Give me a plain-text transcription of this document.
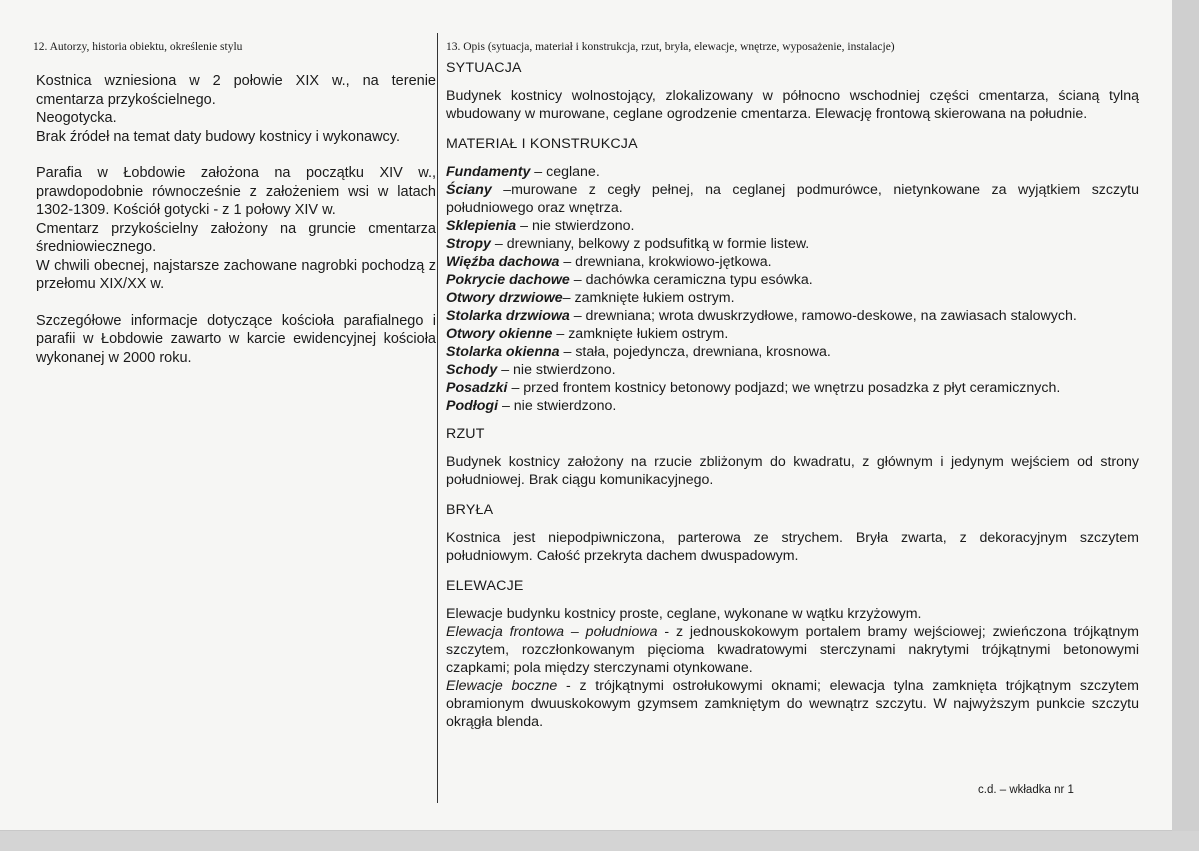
12. Autorzy, historia obiektu, określenie stylu

Kostnica wzniesiona w 2 połowie XIX w., na terenie cmentarza przykościelnego.

Neogotycka.

Brak źródeł na temat daty budowy kostnicy i wykonawcy.

Parafia w Łobdowie założona na początku XIV w., prawdopodobnie równocześnie z założeniem wsi w latach 1302-1309. Kościół gotycki - z 1 połowy XIV w.

Cmentarz przykościelny założony na gruncie cmentarza średniowiecznego.

W chwili obecnej, najstarsze zachowane nagrobki pochodzą z przełomu XIX/XX w.

Szczegółowe informacje dotyczące kościoła parafialnego i parafii w Łobdowie zawarto w karcie ewidencyjnej kościoła wykonanej w 2000 roku.

13. Opis (sytuacja, materiał i konstrukcja, rzut, bryła, elewacje, wnętrze, wyposażenie, instalacje)

SYTUACJA

Budynek kostnicy wolnostojący, zlokalizowany w północno wschodniej części cmentarza, ścianą tylną wbudowany w murowane, ceglane ogrodzenie cmentarza. Elewację frontową skierowana na południe.

MATERIAŁ I KONSTRUKCJA

Fundamenty – ceglane.

Ściany –murowane z cegły pełnej, na ceglanej podmurówce, nietynkowane za wyjątkiem szczytu południowego oraz wnętrza.

Sklepienia – nie stwierdzono.

Stropy – drewniany, belkowy z podsufitką w formie listew.

Więźba dachowa – drewniana, krokwiowo-jętkowa.

Pokrycie dachowe – dachówka ceramiczna typu esówka.

Otwory drzwiowe– zamknięte łukiem ostrym.

Stolarka drzwiowa – drewniana; wrota dwuskrzydłowe, ramowo-deskowe, na zawiasach stalowych.

Otwory okienne – zamknięte łukiem ostrym.

Stolarka okienna – stała, pojedyncza, drewniana, krosnowa.

Schody – nie stwierdzono.

Posadzki – przed frontem kostnicy betonowy podjazd; we wnętrzu posadzka z płyt ceramicznych.

Podłogi – nie stwierdzono.

RZUT

Budynek kostnicy założony na rzucie zbliżonym do kwadratu, z głównym i jedynym wejściem od strony południowej. Brak ciągu komunikacyjnego.

BRYŁA

Kostnica jest niepodpiwniczona, parterowa ze strychem. Bryła zwarta, z dekoracyjnym szczytem południowym. Całość przekryta dachem dwuspadowym.

ELEWACJE

Elewacje budynku kostnicy proste, ceglane, wykonane w wątku krzyżowym.

Elewacja frontowa – południowa - z jednouskokowym portalem bramy wejściowej; zwieńczona trójkątnym szczytem, rozczłonkowanym pięcioma kwadratowymi sterczynami nakrytymi trójkątnymi betonowymi czapkami; pola między sterczynami otynkowane.

Elewacje boczne - z trójkątnymi ostrołukowymi oknami; elewacja tylna zamknięta trójkątnym szczytem obramionym dwuuskokowym gzymsem zamkniętym do wewnątrz szczytu. W najwyższym punkcie szczytu okrągła blenda.

c.d. – wkładka nr 1
